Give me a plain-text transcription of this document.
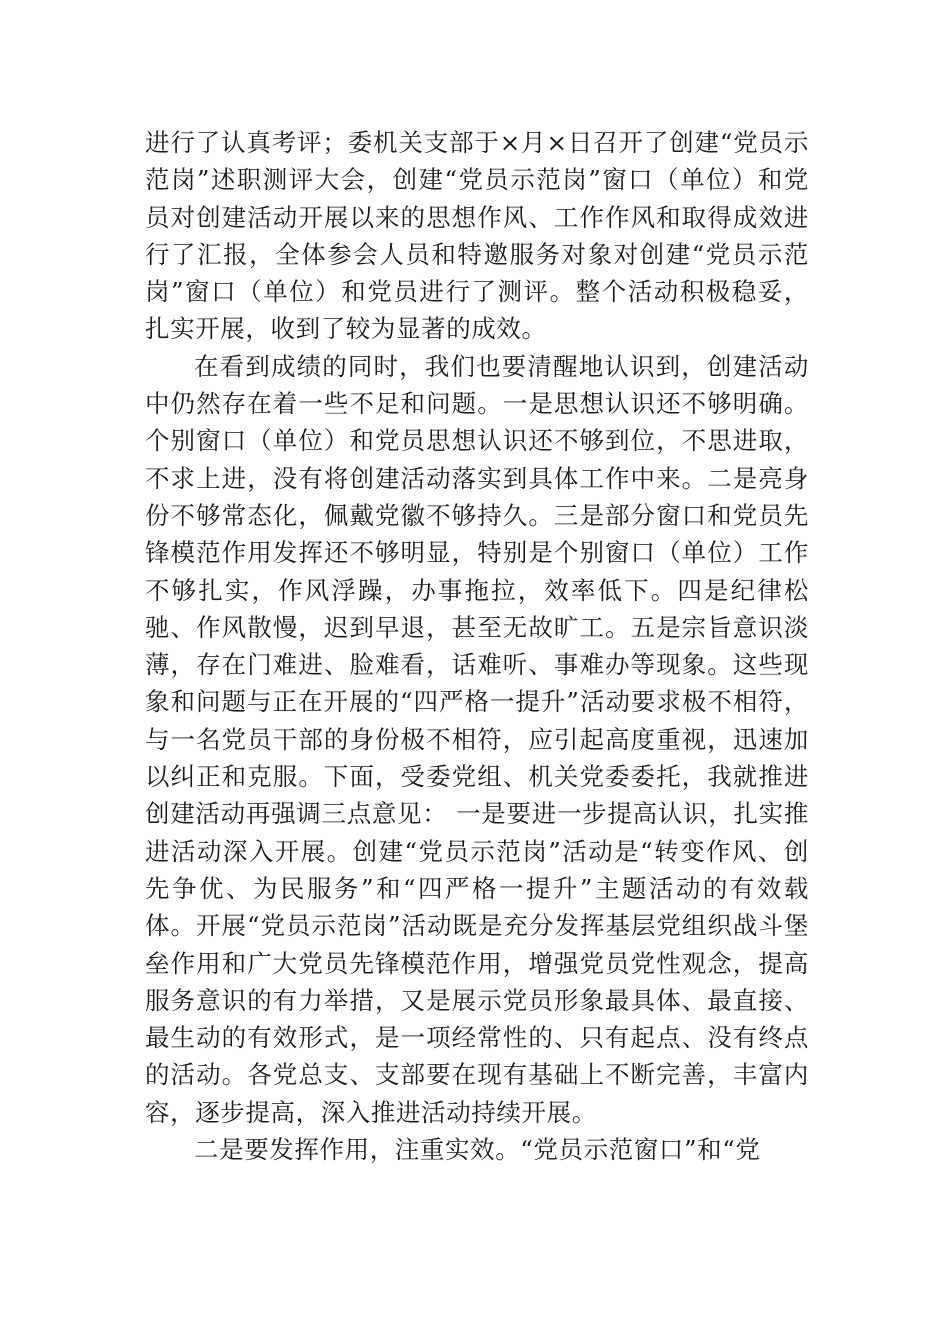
进行了认真考评；委机关支部于×月×日召开了创建“党员示范岗”述职测评大会，创建“党员示范岗”窗口（单位）和党员对创建活动开展以来的思想作风、工作作风和取得成效进行了汇报，全体参会人员和特邀服务对象对创建“党员示范岗”窗口（单位）和党员进行了测评。整个活动积极稳妥，扎实开展，收到了较为显著的成效。

在看到成绩的同时，我们也要清醒地认识到，创建活动中仍然存在着一些不足和问题。一是思想认识还不够明确。个别窗口（单位）和党员思想认识还不够到位，不思进取，不求上进，没有将创建活动落实到具体工作中来。二是亮身份不够常态化，佩戴党徽不够持久。三是部分窗口和党员先锋模范作用发挥还不够明显，特别是个别窗口（单位）工作不够扎实，作风浮躁，办事拖拉，效率低下。四是纪律松驰、作风散慢，迟到早退，甚至无故旷工。五是宗旨意识淡薄，存在门难进、脸难看，话难听、事难办等现象。这些现象和问题与正在开展的“四严格一提升”活动要求极不相符，与一名党员干部的身份极不相符，应引起高度重视，迅速加以纠正和克服。下面，受委党组、机关党委委托，我就推进创建活动再强调三点意见： 一是要进一步提高认识，扎实推进活动深入开展。创建“党员示范岗”活动是“转变作风、创先争优、为民服务”和“四严格一提升”主题活动的有效载体。开展“党员示范岗”活动既是充分发挥基层党组织战斗堡垒作用和广大党员先锋模范作用，增强党员党性观念，提高服务意识的有力举措，又是展示党员形象最具体、最直接、最生动的有效形式，是一项经常性的、只有起点、没有终点的活动。各党总支、支部要在现有基础上不断完善，丰富内容，逐步提高，深入推进活动持续开展。

二是要发挥作用，注重实效。“党员示范窗口”和“党
